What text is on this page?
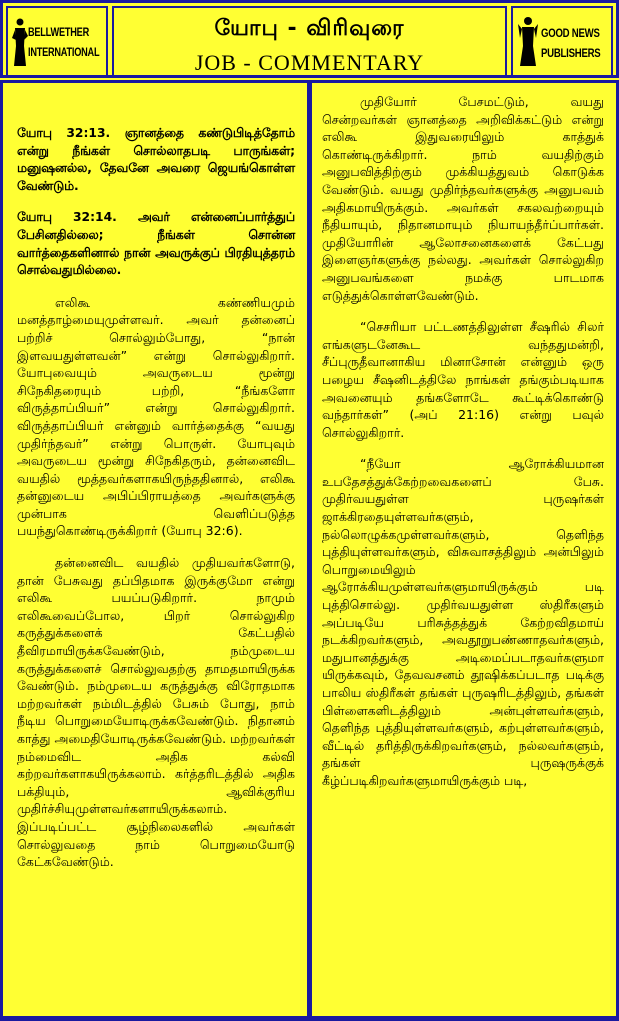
BELLWETHER
INTERNATIONAL
யோபு - விரிவுரை
JOB - COMMENTARY
GOOD NEWS
PUBLISHERS

யோபு 32:13. ஞானத்தை கண்டுபிடித்தோம் என்று நீங்கள் சொல்லாதபடி பாருங்கள்; மனுஷனல்ல, தேவனே அவரை ஜெயங்கொள்ள வேண்டும்.

யோபு 32:14. அவர் என்னைப்பார்த்துப் பேசினதில்லை; நீங்கள் சொன்ன வார்த்தைகளினால் நான் அவருக்குப் பிரதியுத்தரம் சொல்வதுமில்லை.

எலிகூ கண்ணியமும் மனத்தாழ்மையுமுள்ளவர். அவர் தன்னைப் பற்றிச் சொல்லும்போது, “நான் இளவயதுள்ளவன்” என்று சொல்லுகிறார். யோபுவையும் அவருடைய மூன்று சிநேகிதரையும் பற்றி, “நீங்களோ விருத்தாப்பியர்” என்று சொல்லுகிறார். விருத்தாப்பியர் என்னும் வார்த்தைக்கு “வயது முதிர்ந்தவர்” என்று பொருள். யோபுவும் அவருடைய மூன்று சிநேகிதரும், தன்னைவிட வயதில் மூத்தவர்களாகயிருந்ததினால், எலிகூ தன்னுடைய அபிப்பிராயத்தை அவர்களுக்கு முன்பாக வெளிப்படுத்த பயந்துகொண்டிருக்கிறார் (யோபு 32:6).

தன்னைவிட வயதில் முதியவர்களோடு, தான் பேசுவது தப்பிதமாக இருக்குமோ என்று எலிகூ பயப்படுகிறார். நாமும் எலிகூவைப்போல, பிறர் சொல்லுகிற கருத்துக்களைக் கேட்பதில் தீவிரமாயிருக்கவேண்டும், நம்முடைய கருத்துக்களைச் சொல்லுவதற்கு தாமதமாயிருக்க வேண்டும். நம்முடைய கருத்துக்கு விரோதமாக மற்றவர்கள் நம்மிடத்தில் பேசும் போது, நாம் நீடிய பொறுமையோடிருக்கவேண்டும். நிதானம் காத்து அமைதியோடிருக்கவேண்டும். மற்றவர்கள் நம்மைவிட அதிக கல்வி கற்றவர்களாகயிருக்கலாம். கர்த்தரிடத்தில் அதிக பக்தியும், ஆவிக்குரிய முதிர்ச்சியுமுள்ளவர்களாயிருக்கலாம். இப்படிப்பட்ட சூழ்நிலைகளில் அவர்கள் சொல்லுவதை நாம் பொறுமையோடு கேட்கவேண்டும்.

முதியோர் பேசமட்டும், வயது சென்றவர்கள் ஞானத்தை அறிவிக்கட்டும் என்று எலிகூ இதுவரையிலும் காத்துக் கொண்டிருக்கிறார். நாம் வயதிற்கும் அனுபவித்திற்கும் முக்கியத்துவம் கொடுக்க வேண்டும். வயது முதிர்ந்தவர்களுக்கு அனுபவம் அதிகமாயிருக்கும். அவர்கள் சகலவற்றையும் நீதியாயும், நிதானமாயும் நியாயந்தீர்ப்பார்கள். முதியோரின் ஆலோசனைகளைக் கேட்பது இளைஞர்களுக்கு நல்லது. அவர்கள் சொல்லுகிற அனுபவங்களை நமக்கு பாடமாக எடுத்துக்கொள்ளவேண்டும்.

“செசரியா பட்டணத்திலுள்ள சீஷரில் சிலர் எங்களுடனேகூட வந்ததுமன்றி, சீப்புருதீவானாகிய மினாசோன் என்னும் ஒரு பழைய சீஷனிடத்திலே நாங்கள் தங்கும்படியாக அவனையும் தங்களோடே கூட்டிக்கொண்டு வந்தார்கள்” (அப் 21:16) என்று பவுல் சொல்லுகிறார்.

“நீயோ ஆரோக்கியமான உபதேசத்துக்கேற்றவைகளைப் பேசு. முதிர்வயதுள்ள புருஷர்கள் ஜாக்கிரதையுள்ளவர்களும், நல்லொழுக்கமுள்ளவர்களும், தெளிந்த புத்தியுள்ளவர்களும், விசுவாசத்திலும் அன்பிலும் பொறுமையிலும் ஆரோக்கியமுள்ளவர்களுமாயிருக்கும் படி புத்திசொல்லு. முதிர்வயதுள்ள ஸ்திரீகளும் அப்படியே பரிசுத்தத்துக் கேற்றவிதமாய் நடக்கிறவர்களும், அவதூறுபண்ணாதவர்களும், மதுபானத்துக்கு அடிமைப்படாதவர்களுமா யிருக்கவும், தேவவசனம் தூஷிக்கப்படாத படிக்கு பாலிய ஸ்திரீகள் தங்கள் புருஷரிடத்திலும், தங்கள் பிள்ளைகளிடத்திலும் அன்புள்ளவர்களும், தெளிந்த புத்தியுள்ளவர்களும், கற்புள்ளவர்களும், வீட்டில் தரித்திருக்கிறவர்களும், நல்லவர்களும், தங்கள் புருஷருக்குக் கீழ்ப்படிகிறவர்களுமாயிருக்கும் படி,
